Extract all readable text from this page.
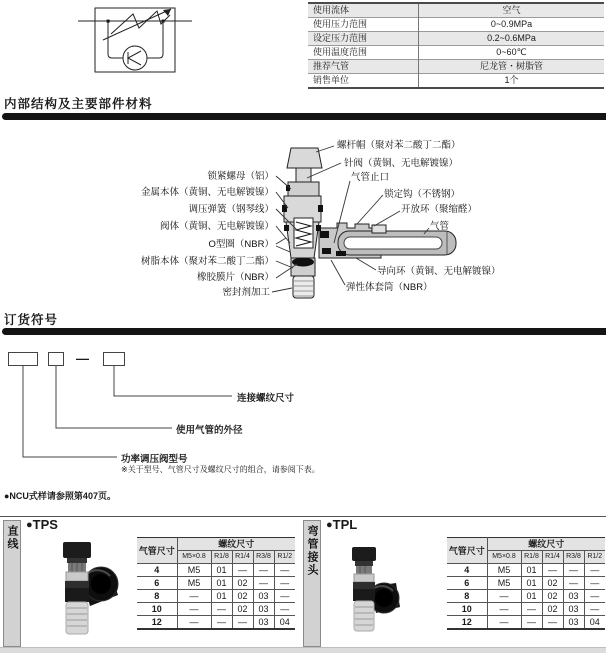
使用流体	空气
使用压力范围	0~0.9MPa
设定压力范围	0.2~0.6MPa
使用温度范围	0~60℃
推荐气管	尼龙管・树脂管
销售单位	1个
内部结构及主要部件材料
锁紧螺母（铝）
金属本体（黄铜、无电解镀镍）
调压弹簧（钢琴线）
阀体（黄铜、无电解镀镍）
O型圈（NBR）
树脂本体（聚对苯二酸丁二酯）
橡胶膜片（NBR）
密封剂加工
螺杆帽（聚对苯二酸丁二酯）
针阀（黄铜、无电解镀镍）
气管止口
锁定钩（不锈钢）
开放环（聚缩醛）
气管
导向环（黄铜、无电解镀镍）
弹性体套筒（NBR）
订货符号
—
连接螺纹尺寸
使用气管的外径
功率调压阀型号
※关于型号、气管尺寸及螺纹尺寸的组合，请参阅下表。
●NCU式样请参照第407页。
直线	弯管接头
●TPS	●TPL
气管尺寸	螺纹尺寸				
	M5×0.8	R1/8	R1/4	R3/8	R1/2
4	M5	01	—	—	—
6	M5	01	02	—	—
8	—	01	02	03	—
10	—	—	02	03	—
12	—	—	—	03	04
气管尺寸	螺纹尺寸				
	M5×0.8	R1/8	R1/4	R3/8	R1/2
4	M5	01	—	—	—
6	M5	01	02	—	—
8	—	01	02	03	—
10	—	—	02	03	—
12	—	—	—	03	04
